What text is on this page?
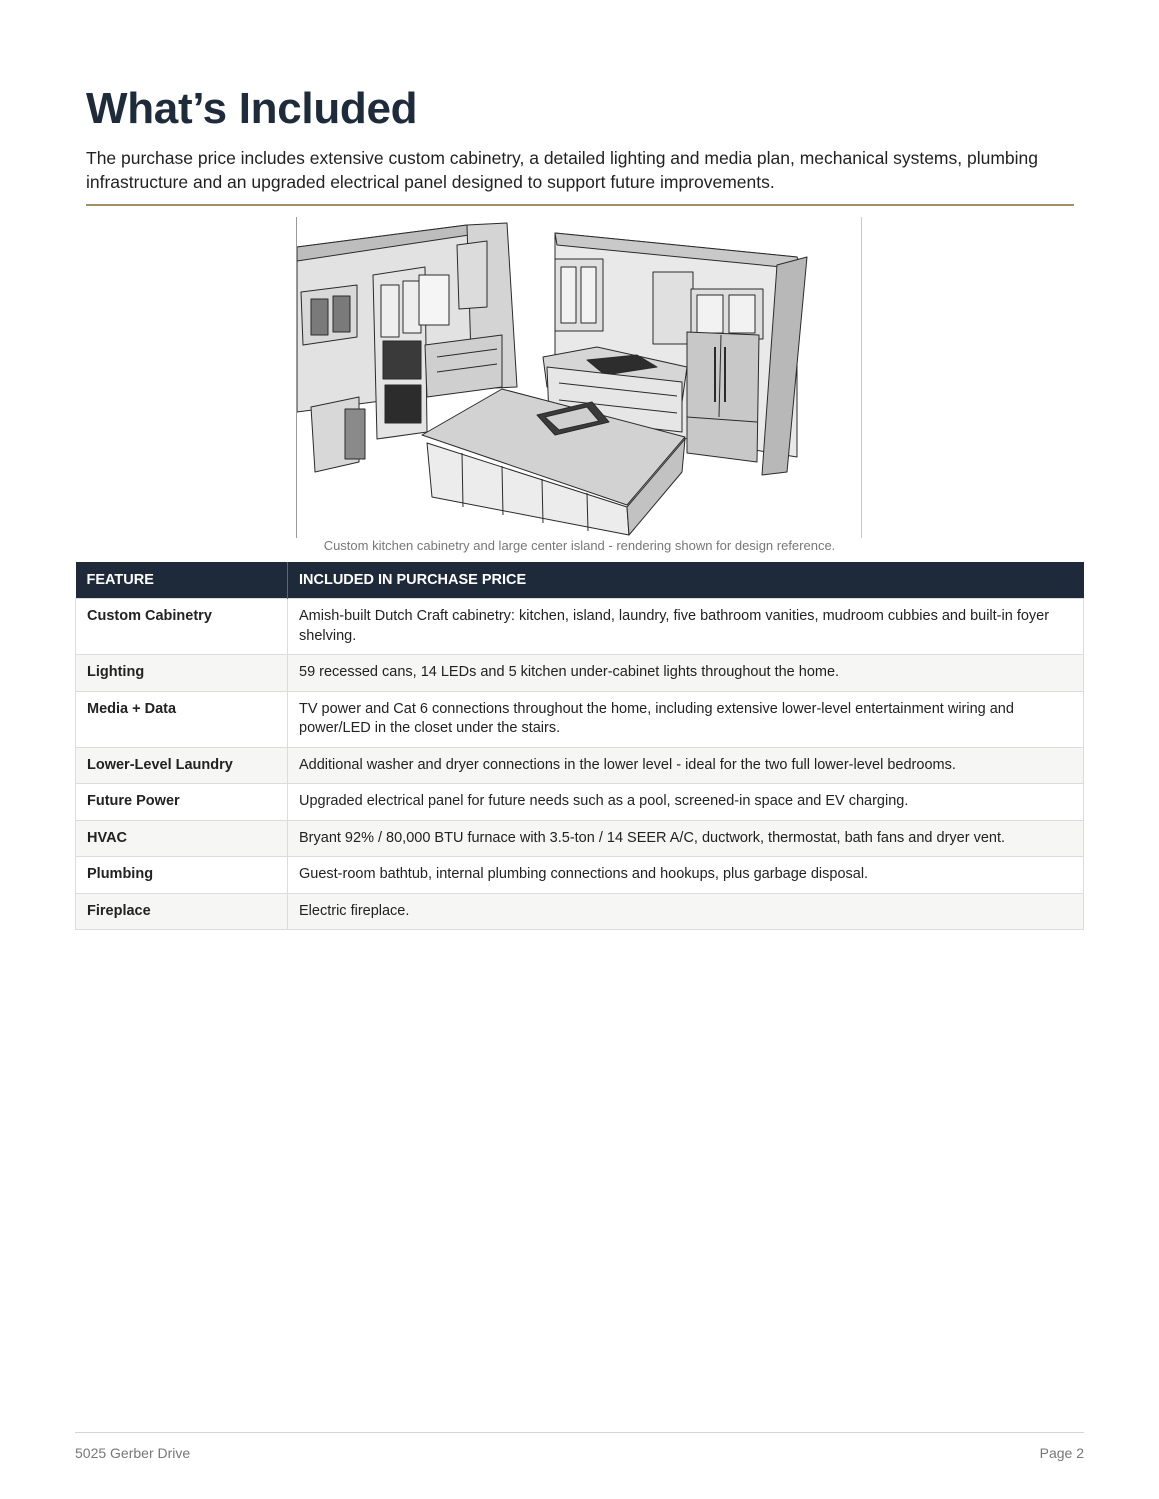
What’s Included

The purchase price includes extensive custom cabinetry, a detailed lighting and media plan, mechanical systems, plumbing infrastructure and an upgraded electrical panel designed to support future improvements.

Custom kitchen cabinetry and large center island - rendering shown for design reference.
FEATURE	INCLUDED IN PURCHASE PRICE
Custom Cabinetry	Amish-built Dutch Craft cabinetry: kitchen, island, laundry, five bathroom vanities, mudroom cubbies and built-in foyer shelving.
Lighting	59 recessed cans, 14 LEDs and 5 kitchen under-cabinet lights throughout the home.
Media + Data	TV power and Cat 6 connections throughout the home, including extensive lower-level entertainment wiring and power/LED in the closet under the stairs.
Lower-Level Laundry	Additional washer and dryer connections in the lower level - ideal for the two full lower-level bedrooms.
Future Power	Upgraded electrical panel for future needs such as a pool, screened-in space and EV charging.
HVAC	Bryant 92% / 80,000 BTU furnace with 3.5-ton / 14 SEER A/C, ductwork, thermostat, bath fans and dryer vent.
Plumbing	Guest-room bathtub, internal plumbing connections and hookups, plus garbage disposal.
Fireplace	Electric fireplace.
5025 Gerber Drive	Page 2
